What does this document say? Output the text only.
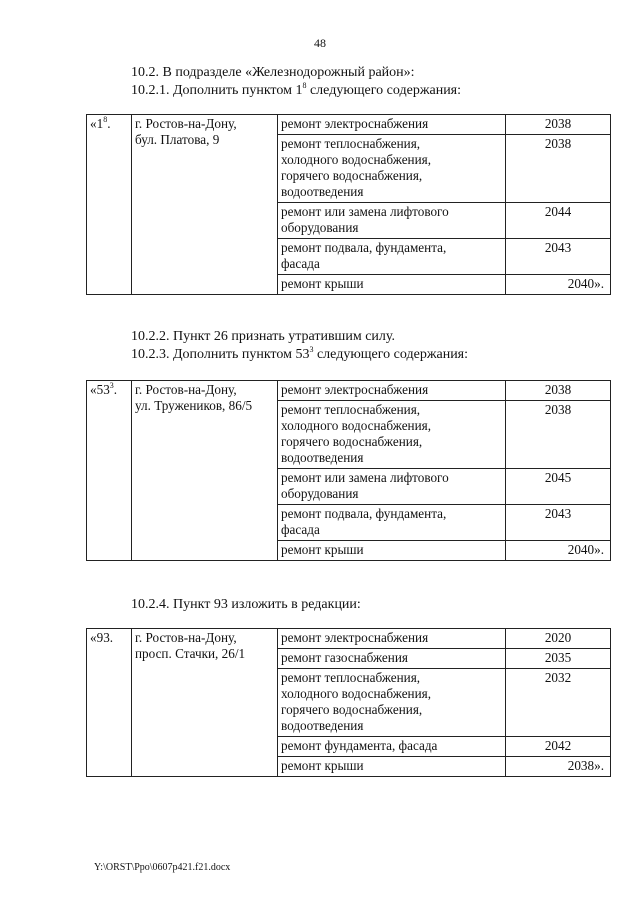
48
10.2. В подразделе «Железнодорожный район»:
10.2.1. Дополнить пунктом $1^8$ следующего содержания:
«$1^8$.	г. Ростов-на-Дону,
бул. Платова, 9	ремонт электроснабжения	2038

		ремонт теплоснабжения,
холодного водоснабжения,
горячего водоснабжения,
водоотведения	2038

		ремонт или замена лифтового
оборудования	2044

		ремонт подвала, фундамента,
фасада	2043

		ремонт крыши	2040».
10.2.2. Пункт 26 признать утратившим силу.
10.2.3. Дополнить пунктом $53^3$ следующего содержания:
«$53^3$.	г. Ростов-на-Дону,
ул. Тружеников, 86/5	ремонт электроснабжения	2038

		ремонт теплоснабжения,
холодного водоснабжения,
горячего водоснабжения,
водоотведения	2038

		ремонт или замена лифтового
оборудования	2045

		ремонт подвала, фундамента,
фасада	2043

		ремонт крыши	2040».
10.2.4. Пункт 93 изложить в редакции:
«93.	г. Ростов-на-Дону,
просп. Стачки, 26/1	ремонт электроснабжения	2020

		ремонт газоснабжения	2035

		ремонт теплоснабжения,
холодного водоснабжения,
горячего водоснабжения,
водоотведения	2032

		ремонт фундамента, фасада	2042

		ремонт крыши	2038».
Y:\ORST\Ppo\0607p421.f21.docx
